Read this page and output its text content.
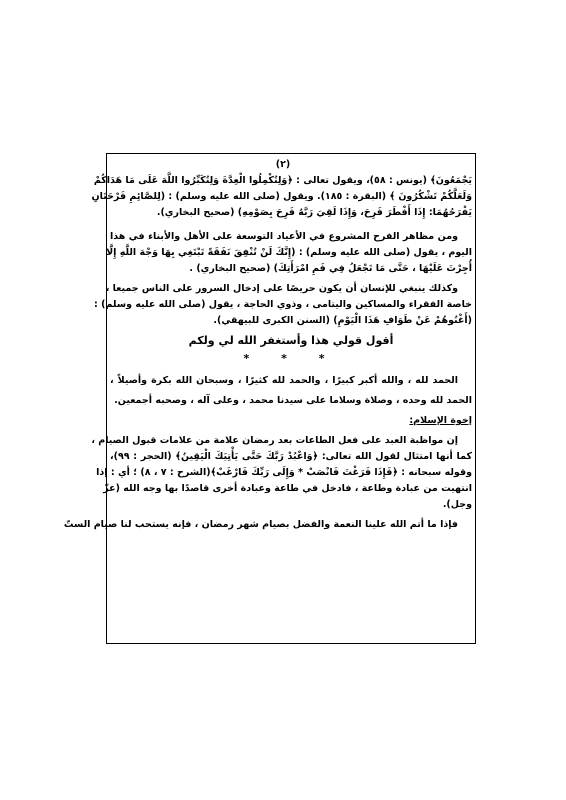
(٢)
يَجْمَعُونَ﴾ (يونس : ٥٨)، ويقول تعالى : ﴿وَلِتُكْمِلُوا الْعِدَّةَ وَلِتُكَبِّرُوا اللَّهَ عَلَى مَا هَدَاكُمْ
وَلَعَلَّكُمْ تَشْكُرُونَ ﴾ (البقرة : ١٨٥). ويقول (صلى الله عليه وسلم) : (لِلصَّائِمِ فَرْحَتَانِ
يَفْرَحُهُمَا: إِذَا أَفْطَرَ فَرِحَ، وَإِذَا لَقِيَ رَبَّهُ فَرِحَ بِصَوْمِهِ) (صحيح البخاري).
ومن مظاهر الفرح المشروع في الأعياد التوسعة على الأهل والأبناء في هذا
اليوم ، يقول (صلى الله عليه وسلم) : (إِنَّكَ لَنْ تُنْفِقَ نَفَقَةً تَبْتَغِي بِهَا وَجْهَ اللَّهِ إِلَّا
أُجِرْتَ عَلَيْهَا ، حَتَّى مَا تَجْعَلُ فِي فَمِ امْرَأَتِكَ) (صحيح البخاري) .
وكذلك ينبغي للإنسان أن يكون حريصًا على إدخال السرور على الناس جميعا ،
خاصة الفقراء والمساكين واليتامى ، وذوي الحاجة ، يقول (صلى الله عليه وسلم) :
(أَغْنُوهُمْ عَنْ طَوَافِ هَذَا الْيَوْمِ) (السنن الكبرى للبيهقي).
أقول قولي هذا وأستغفر الله لي ولكم
* * *
الحمد لله ، والله أكبر كبيرًا ، والحمد لله كثيرًا ، وسبحان الله بكرة وأصيلاً ،
الحمد لله وحده ، وصلاة وسلاما على سيدنا محمد ، وعلى آله ، وصحبه أجمعين.
إخوة الإسلام:
إن مواظبة العبد على فعل الطاعات بعد رمضان علامة من علامات قبول الصيام ،
كما أنها امتثال لقول الله تعالى: ﴿وَاعْبُدْ رَبَّكَ حَتَّى يَأْتِيَكَ الْيَقِينُ﴾ (الحجر : ٩٩)،
وقوله سبحانه : ﴿فَإِذَا فَرَغْتَ فَانْصَبْ * وَإِلَى رَبِّكَ فَارْغَبْ﴾(الشرح : ٧ ، ٨) ؛ أي : إذا
انتهيت من عبادة وطاعة ، فادخل في طاعة وعبادة أخرى قاصدًا بها وجه الله (عزّ
وجل).
فإذا ما أتم الله علينا النعمة والفضل بصيام شهر رمضان ، فإنه يستحب لنا صيام الستّ
